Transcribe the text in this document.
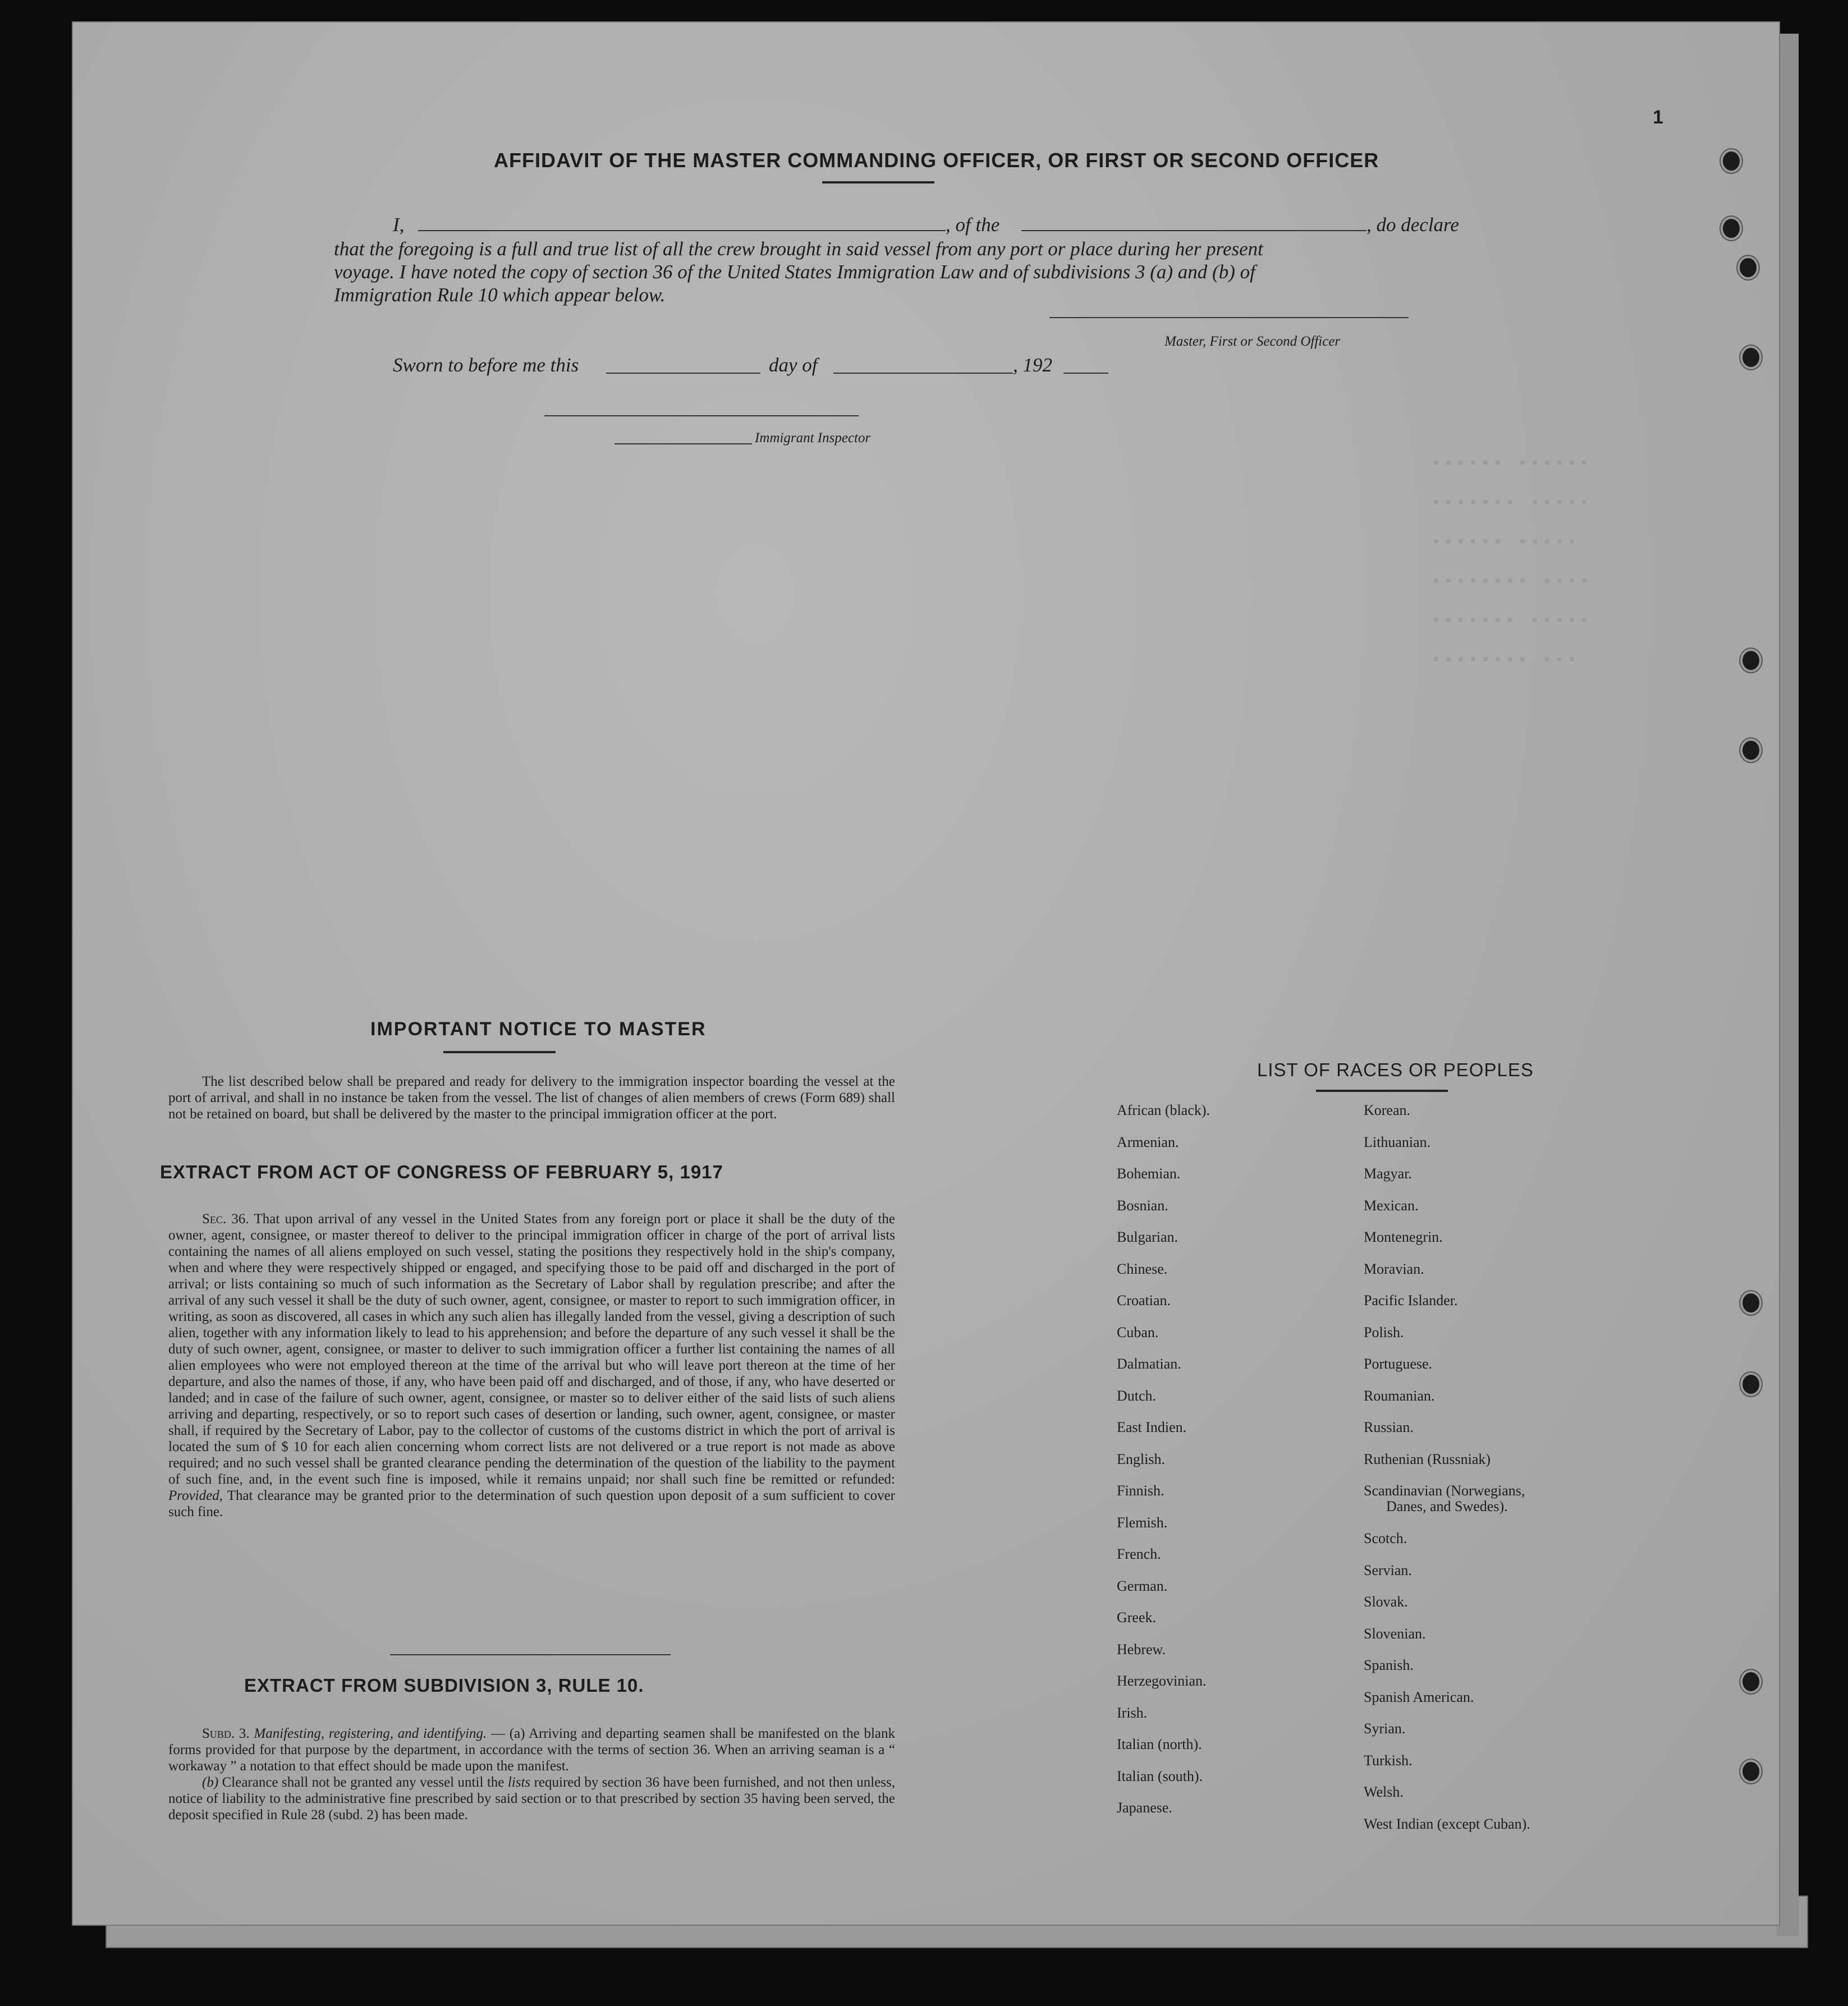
▪▪▪▪▪▪ ▪▪▪▪▪▪
▪▪▪▪▪▪▪ ▪▪▪▪▪
▪▪▪▪▪▪ ▪▪▪▪▪
▪▪▪▪▪▪▪▪ ▪▪▪▪
▪▪▪▪▪▪▪ ▪▪▪▪▪
▪▪▪▪▪▪▪▪ ▪▪▪
1
AFFIDAVIT OF THE MASTER COMMANDING OFFICER, OR FIRST OR SECOND OFFICER
I,	, of the	, do declare
that the foregoing is a full and true list of all the crew brought in said vessel from any port or place during her present
voyage. I have noted the copy of section 36 of the United States Immigration Law and of subdivisions 3 (a) and (b) of
Immigration Rule 10 which appear below.
Master, First or Second Officer
Sworn to before me this	day of	, 192
Immigrant Inspector
IMPORTANT NOTICE TO MASTER

The list described below shall be prepared and ready for delivery to the immigration inspector boarding the vessel at the port of arrival, and shall in no instance be taken from the vessel. The list of changes of alien members of crews (Form 689) shall not be retained on board, but shall be delivered by the master to the principal immigration officer at the port.

EXTRACT FROM ACT OF CONGRESS OF FEBRUARY 5, 1917

Sec. 36. That upon arrival of any vessel in the United States from any foreign port or place it shall be the duty of the owner, agent, consignee, or master thereof to deliver to the principal immigration officer in charge of the port of arrival lists containing the names of all aliens employed on such vessel, stating the positions they respectively hold in the ship's company, when and where they were respectively shipped or engaged, and specifying those to be paid off and discharged in the port of arrival; or lists containing so much of such information as the Secretary of Labor shall by regulation prescribe; and after the arrival of any such vessel it shall be the duty of such owner, agent, consignee, or master to report to such immigration officer, in writing, as soon as discovered, all cases in which any such alien has illegally landed from the vessel, giving a description of such alien, together with any information likely to lead to his apprehension; and before the departure of any such vessel it shall be the duty of such owner, agent, consignee, or master to deliver to such immigration officer a further list containing the names of all alien employees who were not employed thereon at the time of the arrival but who will leave port thereon at the time of her departure, and also the names of those, if any, who have been paid off and discharged, and of those, if any, who have deserted or landed; and in case of the failure of such owner, agent, consignee, or master so to deliver either of the said lists of such aliens arriving and departing, respectively, or so to report such cases of desertion or landing, such owner, agent, consignee, or master shall, if required by the Secretary of Labor, pay to the collector of customs of the customs district in which the port of arrival is located the sum of $ 10 for each alien concerning whom correct lists are not delivered or a true report is not made as above required; and no such vessel shall be granted clearance pending the determination of the question of the liability to the payment of such fine, and, in the event such fine is imposed, while it remains unpaid; nor shall such fine be remitted or refunded: Provided, That clearance may be granted prior to the determination of such question upon deposit of a sum sufficient to cover such fine.

EXTRACT FROM SUBDIVISION 3, RULE 10.

Subd. 3. Manifesting, registering, and identifying. — (a) Arriving and departing seamen shall be manifested on the blank forms provided for that purpose by the department, in accordance with the terms of section 36. When an arriving seaman is a “ workaway ” a notation to that effect should be made upon the manifest.

(b) Clearance shall not be granted any vessel until the lists required by section 36 have been furnished, and not then unless, notice of liability to the administrative fine prescribed by said section or to that prescribed by section 35 having been served, the deposit specified in Rule 28 (subd. 2) has been made.

LIST OF RACES OR PEOPLES
African (black).
Armenian.
Bohemian.
Bosnian.
Bulgarian.
Chinese.
Croatian.
Cuban.
Dalmatian.
Dutch.
East Indien.
English.
Finnish.
Flemish.
French.
German.
Greek.
Hebrew.
Herzegovinian.
Irish.
Italian (north).
Italian (south).
Japanese.
Korean.
Lithuanian.
Magyar.
Mexican.
Montenegrin.
Moravian.
Pacific Islander.
Polish.
Portuguese.
Roumanian.
Russian.
Ruthenian (Russniak)
Scandinavian (Norwegians,
Danes, and Swedes).
Scotch.
Servian.
Slovak.
Slovenian.
Spanish.
Spanish American.
Syrian.
Turkish.
Welsh.
West Indian (except Cuban).
